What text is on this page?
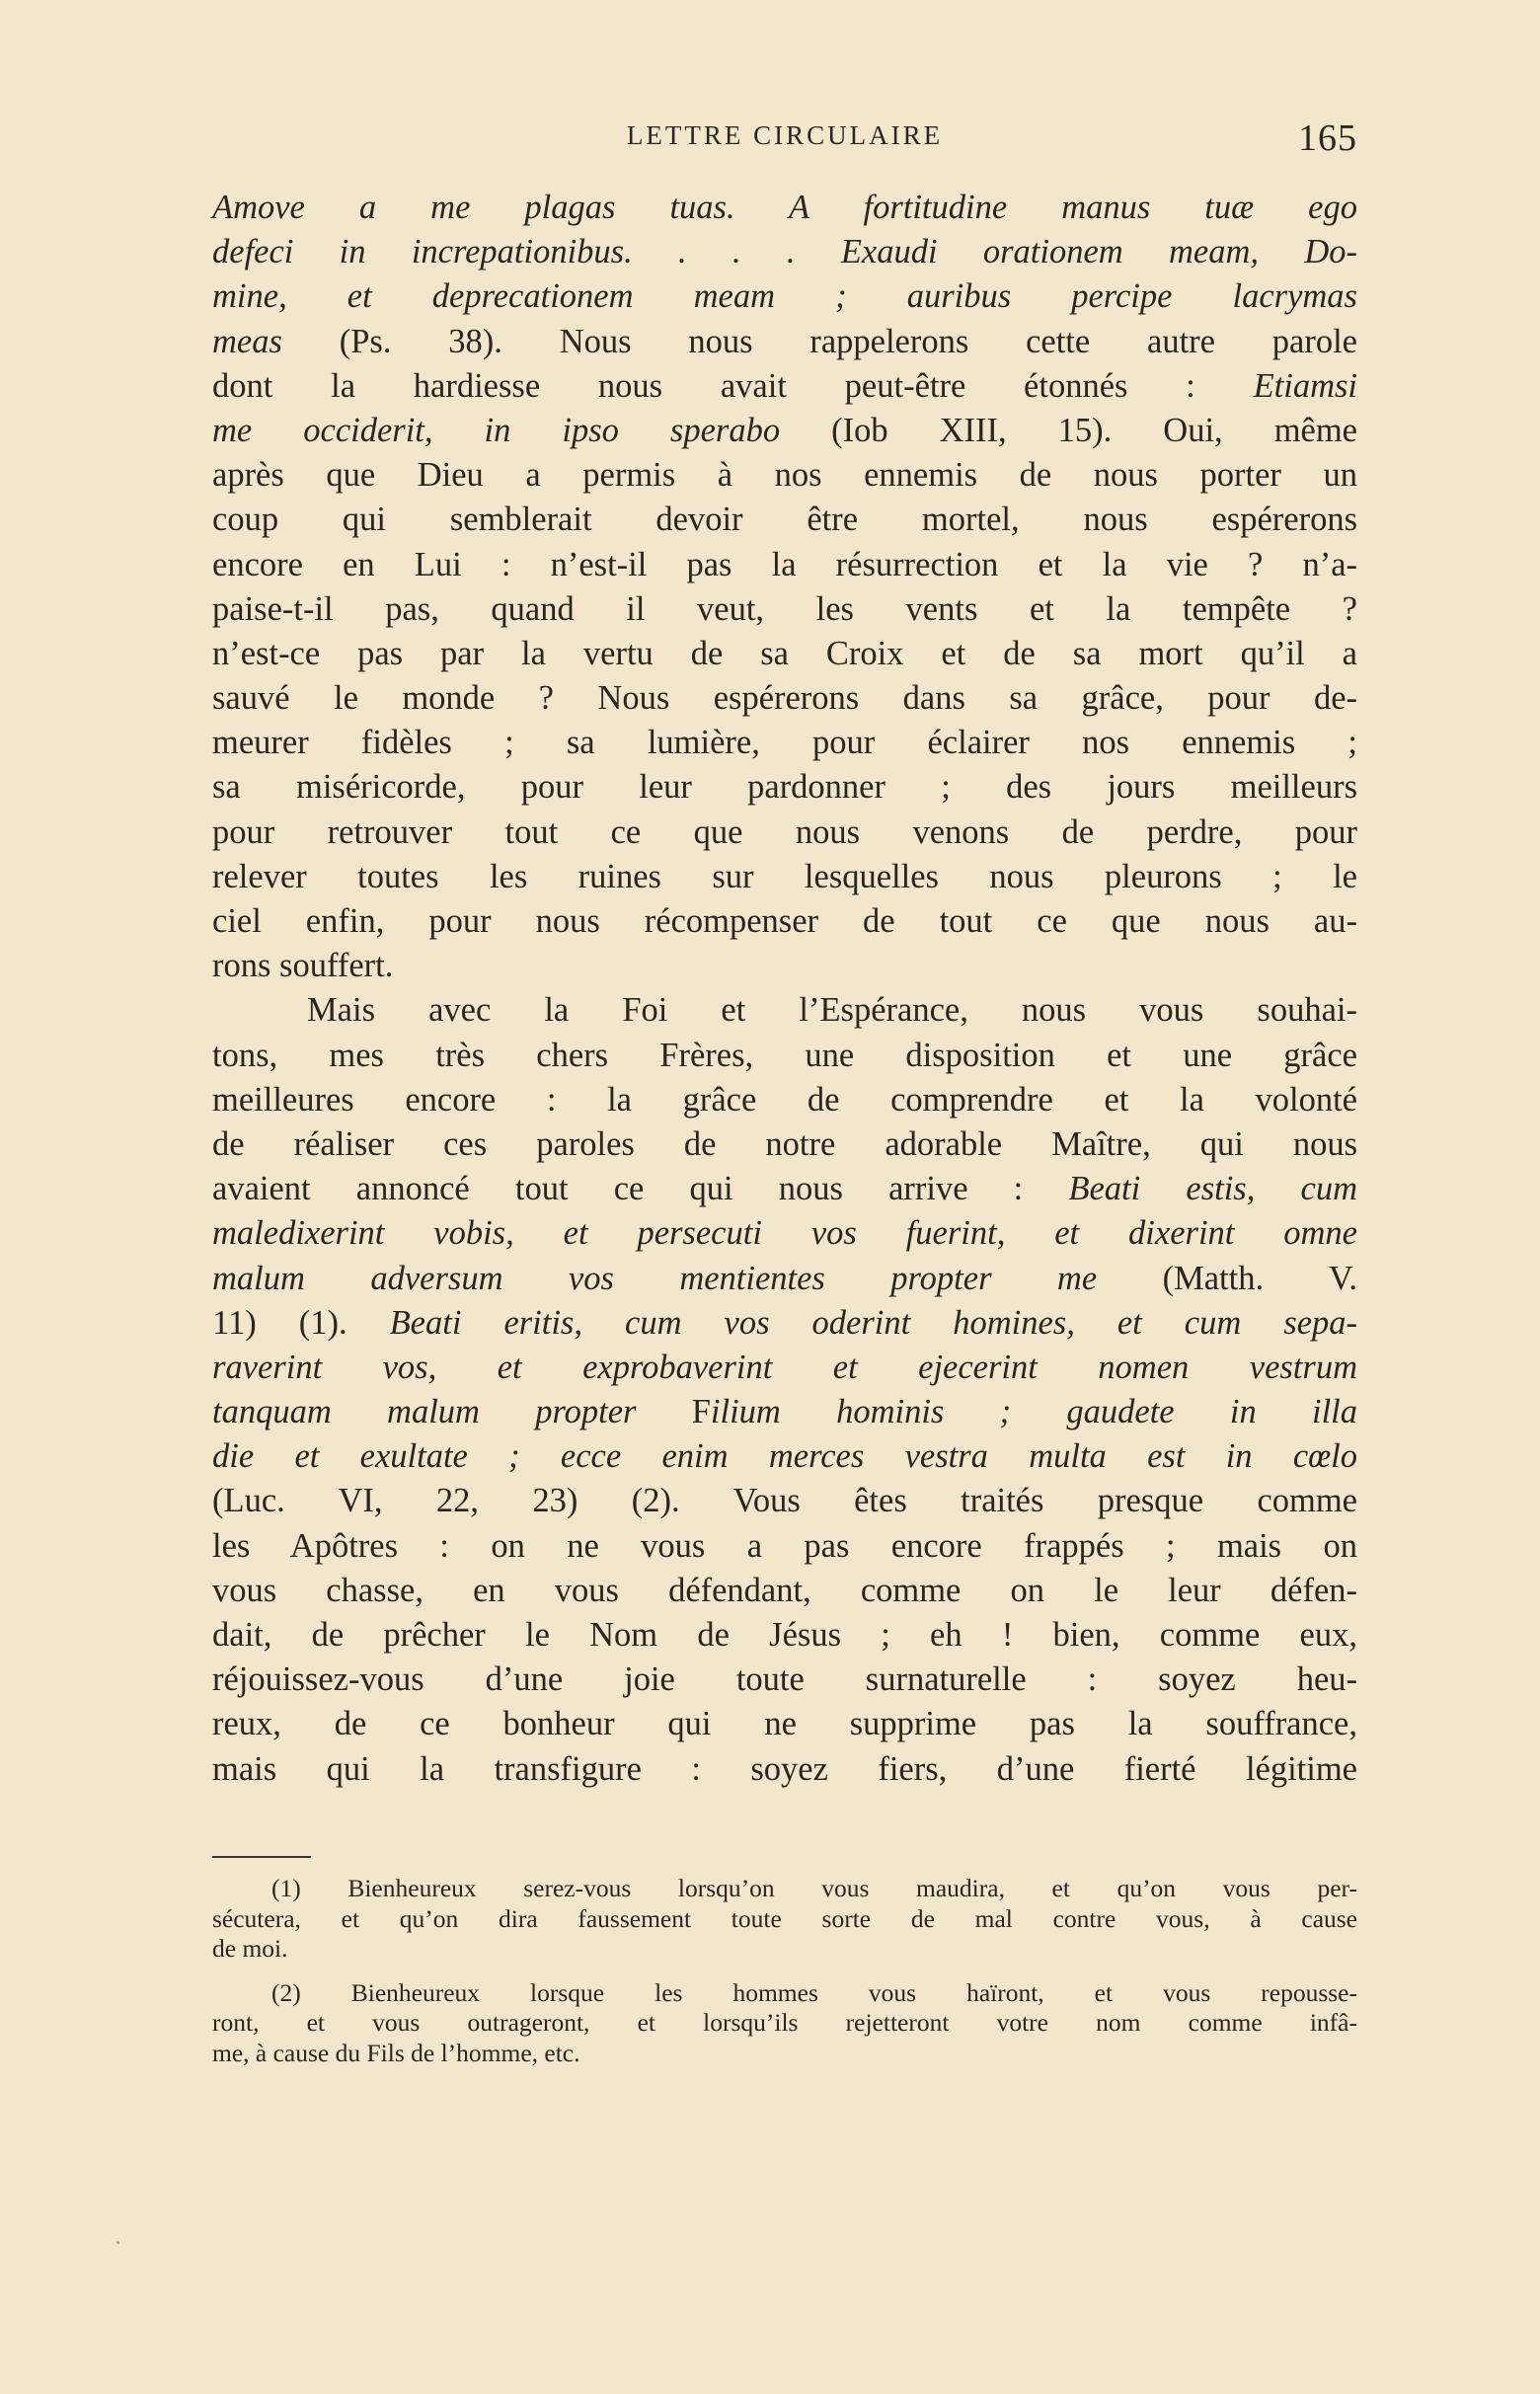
LETTRE CIRCULAIRE	165
Amove a me plagas tuas. A fortitudine manus tuæ ego
defeci in increpationibus. . . . Exaudi orationem meam, Do-
mine, et deprecationem meam ; auribus percipe lacrymas
meas (Ps. 38). Nous nous rappelerons cette autre parole
dont la hardiesse nous avait peut-être étonnés : Etiamsi
me occiderit, in ipso sperabo (Iob XIII, 15). Oui, même
après que Dieu a permis à nos ennemis de nous porter un
coup qui semblerait devoir être mortel, nous espérerons
encore en Lui : n’est-il pas la résurrection et la vie ? n’a-
paise-t-il pas, quand il veut, les vents et la tempête ?
n’est-ce pas par la vertu de sa Croix et de sa mort qu’il a
sauvé le monde ? Nous espérerons dans sa grâce, pour de-
meurer fidèles ; sa lumière, pour éclairer nos ennemis ;
sa miséricorde, pour leur pardonner ; des jours meilleurs
pour retrouver tout ce que nous venons de perdre, pour
relever toutes les ruines sur lesquelles nous pleurons ; le
ciel enfin, pour nous récompenser de tout ce que nous au-
rons souffert.
Mais avec la Foi et l’Espérance, nous vous souhai-
tons, mes très chers Frères, une disposition et une grâce
meilleures encore : la grâce de comprendre et la volonté
de réaliser ces paroles de notre adorable Maître, qui nous
avaient annoncé tout ce qui nous arrive : Beati estis, cum
maledixerint vobis, et persecuti vos fuerint, et dixerint omne
malum adversum vos mentientes propter me (Matth. V.
11) (1). Beati eritis, cum vos oderint homines, et cum sepa-
raverint vos, et exprobaverint et ejecerint nomen vestrum
tanquam malum propter Filium hominis ; gaudete in illa
die et exultate ; ecce enim merces vestra multa est in cœlo
(Luc. VI, 22, 23) (2). Vous êtes traités presque comme
les Apôtres : on ne vous a pas encore frappés ; mais on
vous chasse, en vous défendant, comme on le leur défen-
dait, de prêcher le Nom de Jésus ; eh ! bien, comme eux,
réjouissez-vous d’une joie toute surnaturelle : soyez heu-
reux, de ce bonheur qui ne supprime pas la souffrance,
mais qui la transfigure : soyez fiers, d’une fierté légitime
(1) Bienheureux serez-vous lorsqu’on vous maudira, et qu’on vous per-
sécutera, et qu’on dira faussement toute sorte de mal contre vous, à cause
de moi.
(2) Bienheureux lorsque les hommes vous haïront, et vous repousse-
ront, et vous outrageront, et lorsqu’ils rejetteront votre nom comme infâ-
me, à cause du Fils de l’homme, etc.
